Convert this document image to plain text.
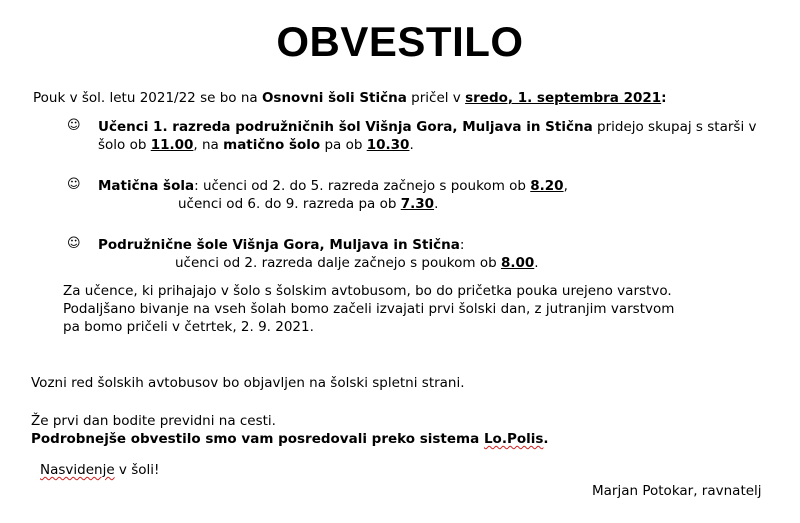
OBVESTILO
Pouk v šol. letu 2021/22 se bo na Osnovni šoli Stična pričel v sredo, 1. septembra 2021:
☺ Učenci 1. razreda podružničnih šol Višnja Gora, Muljava in Stična pridejo skupaj s starši v
šolo ob 11.00, na matično šolo pa ob 10.30.
☺ Matična šola: učenci od 2. do 5. razreda začnejo s poukom ob 8.20,
učenci od 6. do 9. razreda pa ob 7.30.
☺ Podružnične šole Višnja Gora, Muljava in Stična:
učenci od 2. razreda dalje začnejo s poukom ob 8.00.
Za učence, ki prihajajo v šolo s šolskim avtobusom, bo do pričetka pouka urejeno varstvo.
Podaljšano bivanje na vseh šolah bomo začeli izvajati prvi šolski dan, z jutranjim varstvom
pa bomo pričeli v četrtek, 2. 9. 2021.
Vozni red šolskih avtobusov bo objavljen na šolski spletni strani.
Že prvi dan bodite previdni na cesti.
Podrobnejše obvestilo smo vam posredovali preko sistema Lo.Polis.
Nasvidenje v šoli!
Marjan Potokar, ravnatelj
